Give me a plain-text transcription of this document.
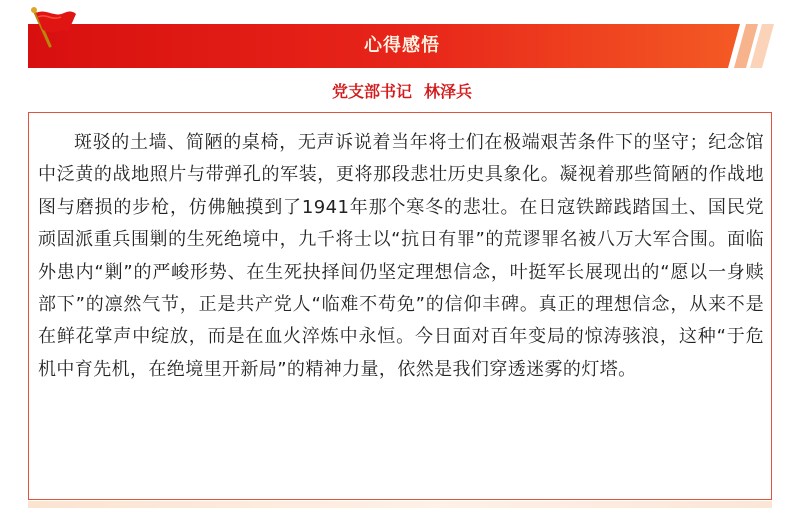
心得感悟
党支部书记 林泽兵

斑驳的土墙、简陋的桌椅，无声诉说着当年将士们在极端艰苦条件下的坚守；纪念馆中泛黄的战地照片与带弹孔的军装，更将那段悲壮历史具象化。凝视着那些简陋的作战地图与磨损的步枪，仿佛触摸到了1941年那个寒冬的悲壮。在日寇铁蹄践踏国土、国民党顽固派重兵围剿的生死绝境中，九千将士以“抗日有罪”的荒谬罪名被八万大军合围。面临外患内“剿”的严峻形势、在生死抉择间仍坚定理想信念，叶挺军长展现出的“愿以一身赎部下”的凛然气节，正是共产党人“临难不苟免”的信仰丰碑。真正的理想信念，从来不是在鲜花掌声中绽放，而是在血火淬炼中永恒。今日面对百年变局的惊涛骇浪，这种“于危机中育先机，在绝境里开新局”的精神力量，依然是我们穿透迷雾的灯塔。
